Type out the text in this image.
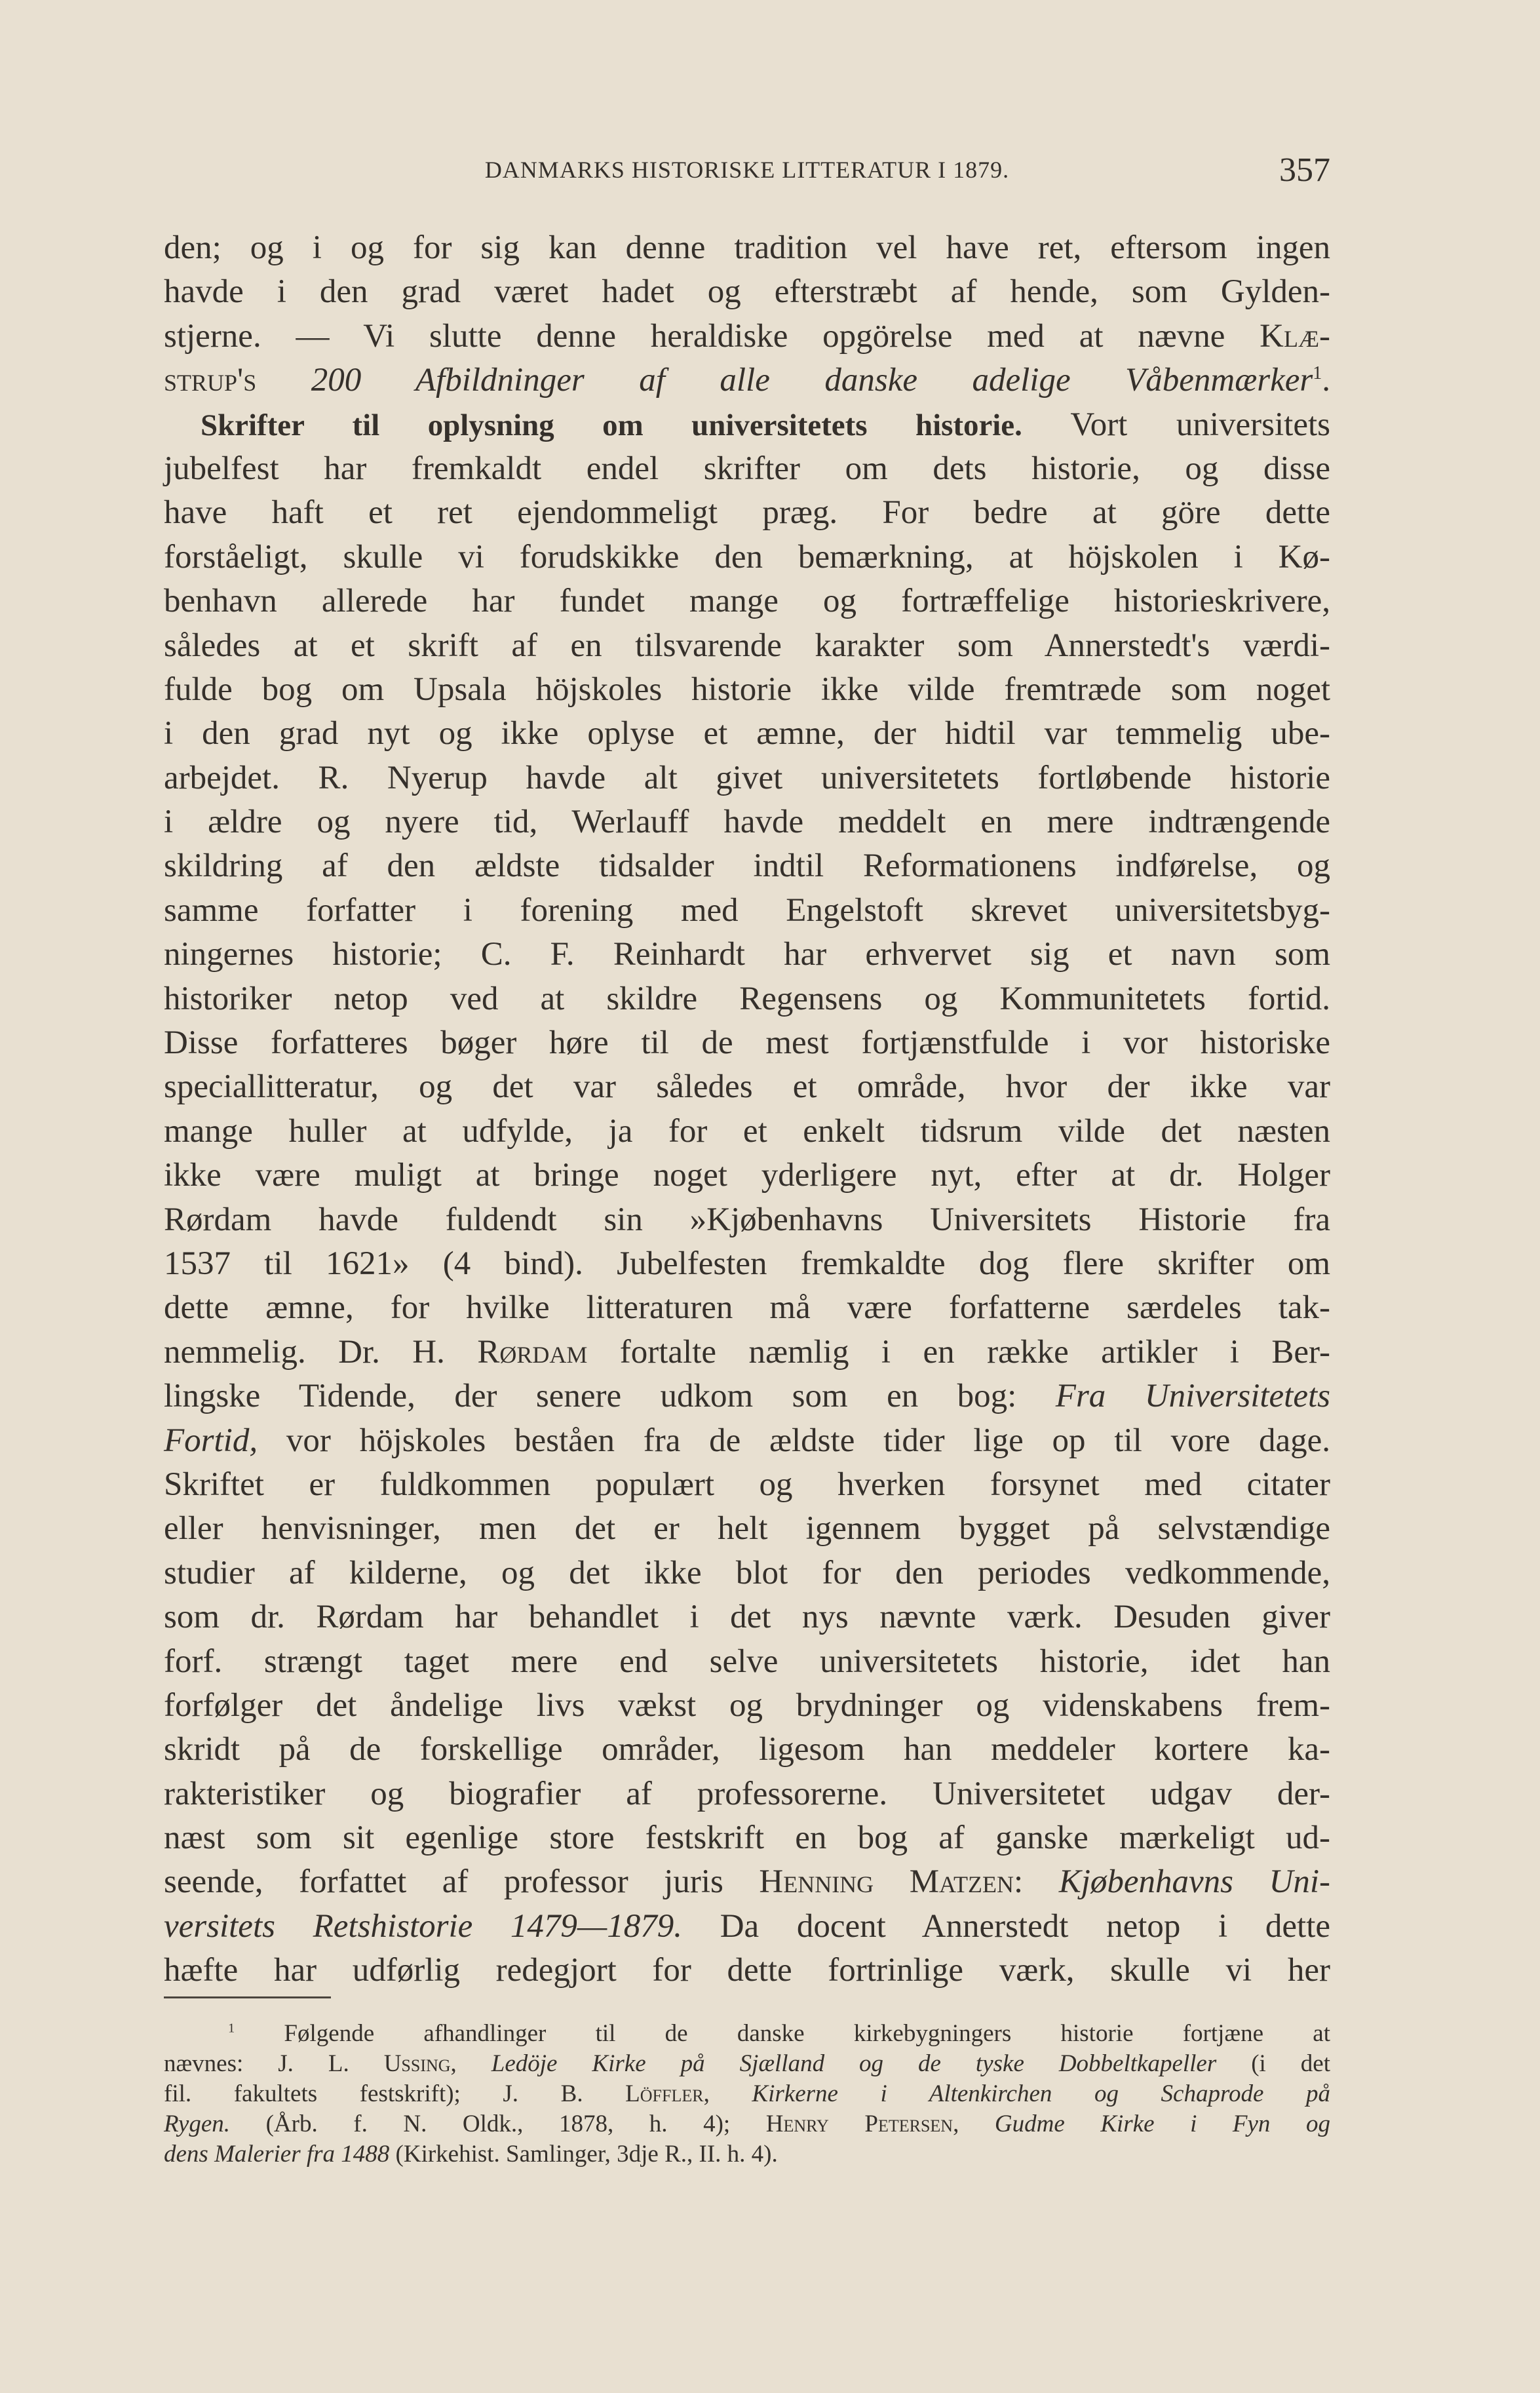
DANMARKS HISTORISKE LITTERATUR I 1879.	357
den; og i og for sig kan denne tradition vel have ret, eftersom ingen
havde i den grad været hadet og efterstræbt af hende, som Gylden-
stjerne. — Vi slutte denne heraldiske opgörelse med at nævne Klæ-
strup's 200 Afbildninger af alle danske adelige Våbenmærker$^1$.
Skrifter til oplysning om universitetets historie. Vort universitets
jubelfest har fremkaldt endel skrifter om dets historie, og disse
have haft et ret ejendommeligt præg. For bedre at göre dette
forståeligt, skulle vi forudskikke den bemærkning, at höjskolen i Kø-
benhavn allerede har fundet mange og fortræffelige historieskrivere,
således at et skrift af en tilsvarende karakter som Annerstedt's værdi-
fulde bog om Upsala höjskoles historie ikke vilde fremtræde som noget
i den grad nyt og ikke oplyse et æmne, der hidtil var temmelig ube-
arbejdet. R. Nyerup havde alt givet universitetets fortløbende historie
i ældre og nyere tid, Werlauff havde meddelt en mere indtrængende
skildring af den ældste tidsalder indtil Reformationens indførelse, og
samme forfatter i forening med Engelstoft skrevet universitetsbyg-
ningernes historie; C. F. Reinhardt har erhvervet sig et navn som
historiker netop ved at skildre Regensens og Kommunitetets fortid.
Disse forfatteres bøger høre til de mest fortjænstfulde i vor historiske
speciallitteratur, og det var således et område, hvor der ikke var
mange huller at udfylde, ja for et enkelt tidsrum vilde det næsten
ikke være muligt at bringe noget yderligere nyt, efter at dr. Holger
Rørdam havde fuldendt sin »Kjøbenhavns Universitets Historie fra
1537 til 1621» (4 bind). Jubelfesten fremkaldte dog flere skrifter om
dette æmne, for hvilke litteraturen må være forfatterne særdeles tak-
nemmelig. Dr. H. Rørdam fortalte næmlig i en række artikler i Ber-
lingske Tidende, der senere udkom som en bog: Fra Universitetets
Fortid, vor höjskoles beståen fra de ældste tider lige op til vore dage.
Skriftet er fuldkommen populært og hverken forsynet med citater
eller henvisninger, men det er helt igennem bygget på selvstændige
studier af kilderne, og det ikke blot for den periodes vedkommende,
som dr. Rørdam har behandlet i det nys nævnte værk. Desuden giver
forf. strængt taget mere end selve universitetets historie, idet han
forfølger det åndelige livs vækst og brydninger og videnskabens frem-
skridt på de forskellige områder, ligesom han meddeler kortere ka-
rakteristiker og biografier af professorerne. Universitetet udgav der-
næst som sit egenlige store festskrift en bog af ganske mærkeligt ud-
seende, forfattet af professor juris Henning Matzen: Kjøbenhavns Uni-
versitets Retshistorie 1479—1879. Da docent Annerstedt netop i dette
hæfte har udførlig redegjort for dette fortrinlige værk, skulle vi her
$^1$ Følgende afhandlinger til de danske kirkebygningers historie fortjæne at
nævnes: J. L. Ussing, Ledöje Kirke på Sjælland og de tyske Dobbeltkapeller (i det
fil. fakultets festskrift); J. B. Löffler, Kirkerne i Altenkirchen og Schaprode på
Rygen. (Årb. f. N. Oldk., 1878, h. 4); Henry Petersen, Gudme Kirke i Fyn og
dens Malerier fra 1488 (Kirkehist. Samlinger, 3dje R., II. h. 4).
